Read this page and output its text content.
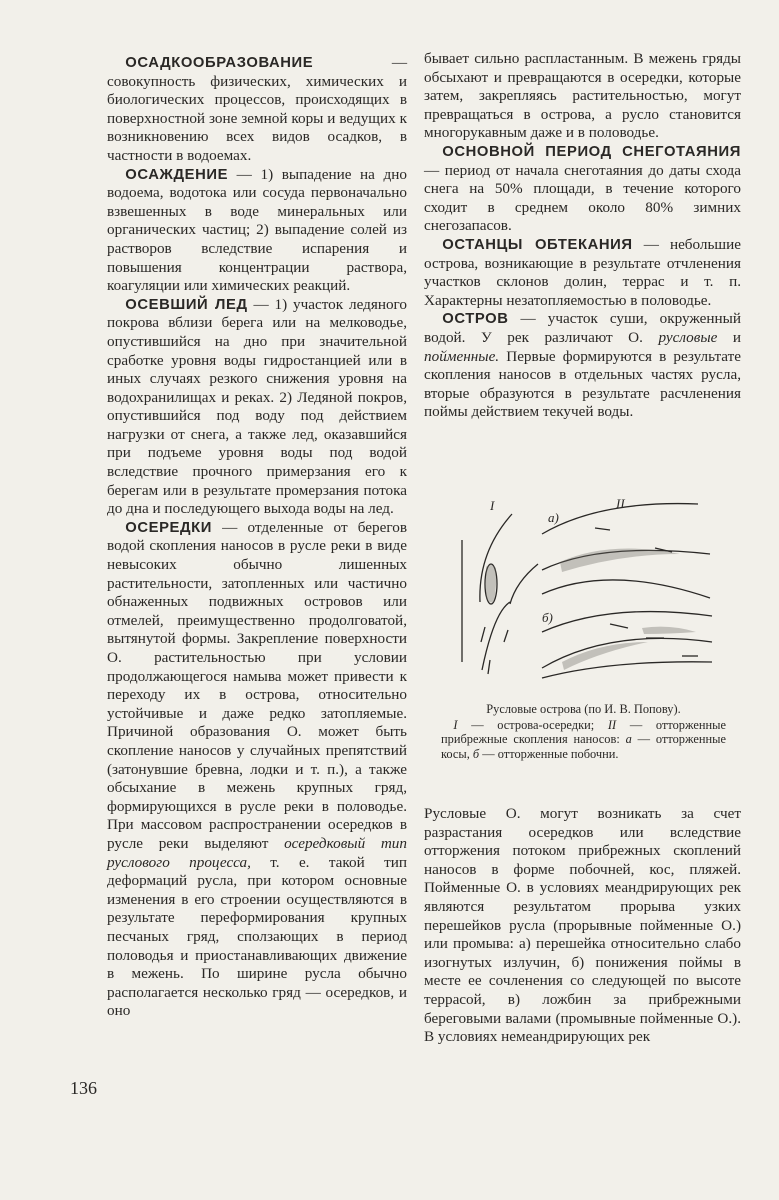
ОСАДКООБРАЗОВАНИЕ — совокупность физических, химических и биологических процессов, происходящих в поверхностной зоне земной коры и ведущих к возникновению всех видов осадков, в частности в водоемах.

ОСАЖДЕНИЕ — 1) выпадение на дно водоема, водотока или сосуда первоначально взвешенных в воде минеральных или органических частиц; 2) выпадение солей из растворов вследствие испарения и повышения концентрации раствора, коагуляции или химических реакций.

ОСЕВШИЙ ЛЕД — 1) участок ледяного покрова вблизи берега или на мелководье, опустившийся на дно при значительной сработке уровня воды гидростанцией или в иных случаях резкого снижения уровня на водохранилищах и реках. 2) Ледяной покров, опустившийся под воду под действием нагрузки от снега, а также лед, оказавшийся при подъеме уровня воды под водой вследствие прочного примерзания его к берегам или в результате промерзания потока до дна и последующего выхода воды на лед.

ОСЕРЕДКИ — отделенные от берегов водой скопления наносов в русле реки в виде невысоких обычно лишенных растительности, затопленных или частично обнаженных подвижных островов или отмелей, преимущественно продолговатой, вытянутой формы. Закрепление поверхности О. растительностью при условии продолжающегося намыва может привести к переходу их в острова, относительно устойчивые и даже редко затопляемые. Причиной образования О. может быть скопление наносов у случайных препятствий (затонувшие бревна, лодки и т. п.), а также обсыхание в межень крупных гряд, формирующихся в русле реки в половодье. При массовом распространении осередков в русле реки выделяют осередковый тип руслового процесса, т. е. такой тип деформаций русла, при котором основные изменения в его строении осуществляются в результате переформирования крупных песчаных гряд, сползающих в период половодья и приостанавливающих движение в межень. По ширине русла обычно располагается несколько гряд — осередков, и оно

бывает сильно распластанным. В межень гряды обсыхают и превращаются в осередки, которые затем, закрепляясь растительностью, могут превращаться в острова, а русло становится многорукавным даже и в половодье.

ОСНОВНОЙ ПЕРИОД СНЕГОТАЯНИЯ — период от начала снеготаяния до даты схода снега на 50% площади, в течение которого сходит в среднем около 80% зимних снегозапасов.

ОСТАНЦЫ ОБТЕКАНИЯ — небольшие острова, возникающие в результате отчленения участков склонов долин, террас и т. п. Характерны незатопляемостью в половодье.

ОСТРОВ — участок суши, окруженный водой. У рек различают О. русловые и пойменные. Первые формируются в результате скопления наносов в отдельных частях русла, вторые образуются в результате расчленения поймы действием текучей воды.

I	II
а)
б)

Русловые острова (по И. В. Попову).

I — острова-осередки; II — отторженные прибрежные скопления наносов: а — отторженные косы, б — отторженные побочни.

Русловые О. могут возникать за счет разрастания осередков или вследствие отторжения потоком прибрежных скоплений наносов в форме побочней, кос, пляжей. Пойменные О. в условиях меандрирующих рек являются результатом прорыва узких перешейков русла (прорывные пойменные О.) или промыва: а) перешейка относительно слабо изогнутых излучин, б) понижения поймы в месте ее сочленения со следующей по высоте террасой, в) ложбин за прибрежными береговыми валами (промывные пойменные О.). В условиях немеандрирующих рек

136
